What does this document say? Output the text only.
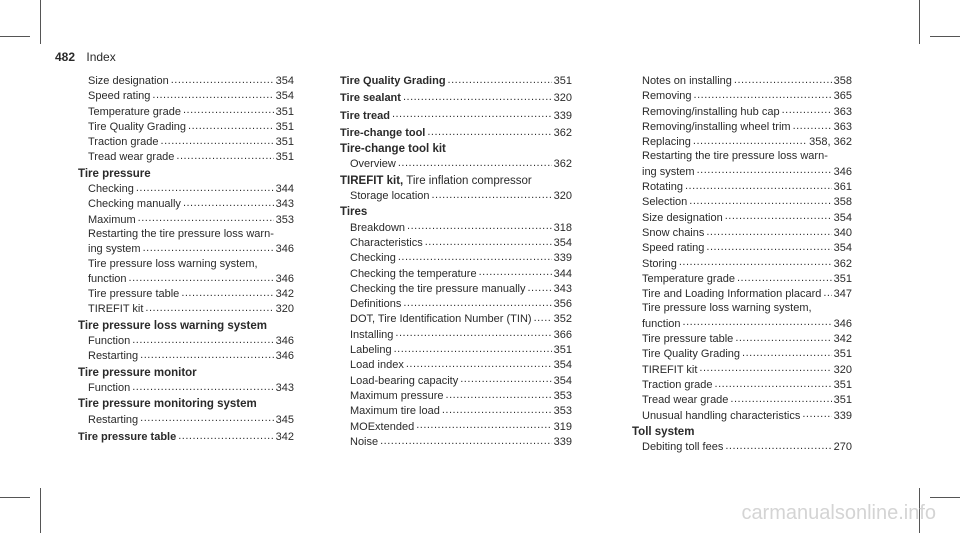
482 Index
Size designation .....	354
Speed rating .....	354
Temperature grade .....	351
Tire Quality Grading .....	351
Traction grade .....	351
Tread wear grade .....	351
Tire pressure
Checking .....	344
Checking manually .....	343
Maximum .....	353
Restarting the tire pressure loss warn-
ing system .....	346
Tire pressure loss warning system,
function .....	346
Tire pressure table .....	342
TIREFIT kit .....	320
Tire pressure loss warning system
Function .....	346
Restarting .....	346
Tire pressure monitor
Function .....	343
Tire pressure monitoring system
Restarting .....	345
Tire pressure table .....	342
Tire Quality Grading .....	351
Tire sealant .....	320
Tire tread .....	339
Tire-change tool .....	362
Tire-change tool kit
Overview .....	362
TIREFIT kit, Tire inflation compressor
Storage location .....	320
Tires
Breakdown .....	318
Characteristics .....	354
Checking .....	339
Checking the temperature .....	344
Checking the tire pressure manually .....	343
Definitions .....	356
DOT, Tire Identification Number (TIN) ..... 352
Installing .....	366
Labeling .....	351
Load index .....	354
Load-bearing capacity .....	354
Maximum pressure .....	353
Maximum tire load .....	353
MOExtended .....	319
Noise .....	339
Notes on installing .....	358
Removing .....	365
Removing/installing hub cap .....	363
Removing/installing wheel trim .....	363
Replacing .....	358, 362
Restarting the tire pressure loss warn-
ing system .....	346
Rotating .....	361
Selection .....	358
Size designation .....	354
Snow chains .....	340
Speed rating .....	354
Storing .....	362
Temperature grade .....	351
Tire and Loading Information placard ..... 347
Tire pressure loss warning system,
function .....	346
Tire pressure table .....	342
Tire Quality Grading .....	351
TIREFIT kit .....	320
Traction grade .....	351
Tread wear grade .....	351
Unusual handling characteristics .....	339
Toll system
Debiting toll fees .....	270
carmanualsonline.info
